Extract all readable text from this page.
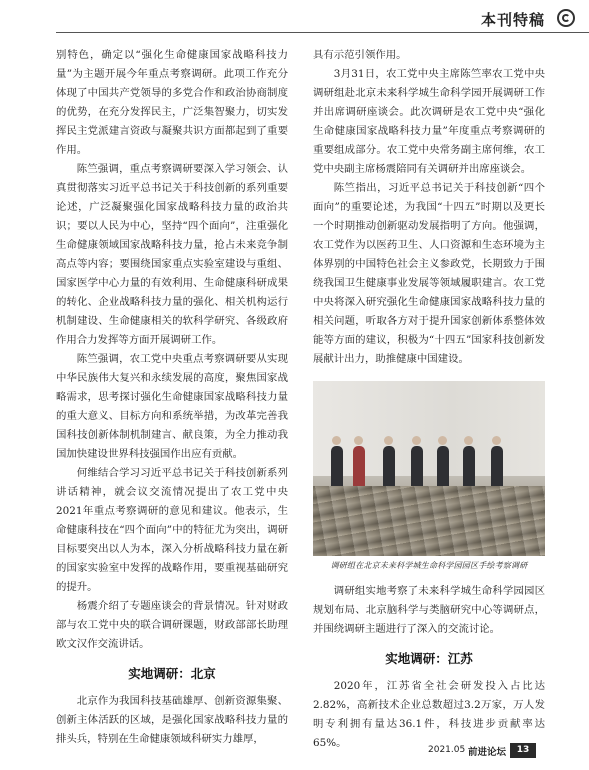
本刊特稿

别特色，确定以“强化生命健康国家战略科技力量”为主题开展今年重点考察调研。此项工作充分体现了中国共产党领导的多党合作和政治协商制度的优势，在充分发挥民主，广泛集智聚力，切实发挥民主党派建言资政与凝聚共识方面都起到了重要作用。

陈竺强调，重点考察调研要深入学习领会、认真贯彻落实习近平总书记关于科技创新的系列重要论述，广泛凝聚强化国家战略科技力量的政治共识；要以人民为中心，坚持“四个面向”，注重强化生命健康领域国家战略科技力量，抢占未来竞争制高点等内容；要围绕国家重点实验室建设与重组、国家医学中心力量的有效利用、生命健康科研成果的转化、企业战略科技力量的强化、相关机构运行机制建设、生命健康相关的软科学研究、各级政府作用合力发挥等方面开展调研工作。

陈竺强调，农工党中央重点考察调研要从实现中华民族伟大复兴和永续发展的高度，聚焦国家战略需求，思考探讨强化生命健康国家战略科技力量的重大意义、目标方向和系统举措，为改革完善我国科技创新体制机制建言、献良策，为全力推动我国加快建设世界科技强国作出应有贡献。

何维结合学习习近平总书记关于科技创新系列讲话精神，就会议交流情况提出了农工党中央2021年重点考察调研的意见和建议。他表示，生命健康科技在“四个面向”中的特征尤为突出，调研目标要突出以人为本，深入分析战略科技力量在新的国家实验室中发挥的战略作用，要重视基础研究的提升。

杨震介绍了专题座谈会的背景情况。针对财政部与农工党中央的联合调研课题，财政部部长助理欧文汉作交流讲话。

实地调研：北京

北京作为我国科技基础雄厚、创新资源集聚、创新主体活跃的区域，是强化国家战略科技力量的排头兵，特别在生命健康领域科研实力雄厚，

具有示范引领作用。

3月31日，农工党中央主席陈竺率农工党中央调研组赴北京未来科学城生命科学园开展调研工作并出席调研座谈会。此次调研是农工党中央“强化生命健康国家战略科技力量”年度重点考察调研的重要组成部分。农工党中央常务副主席何维，农工党中央副主席杨震陪同有关调研并出席座谈会。

陈竺指出，习近平总书记关于科技创新“四个面向”的重要论述，为我国“十四五”时期以及更长一个时期推动创新驱动发展指明了方向。他强调，农工党作为以医药卫生、人口资源和生态环境为主体界别的中国特色社会主义参政党，长期致力于围绕我国卫生健康事业发展等领域履职建言。农工党中央将深入研究强化生命健康国家战略科技力量的相关问题，听取各方对于提升国家创新体系整体效能等方面的建议，积极为“十四五”国家科技创新发展献计出力，助推健康中国建设。

调研组在北京未来科学城生命科学园园区手绘考察调研

调研组实地考察了未来科学城生命科学园园区规划布局、北京脑科学与类脑研究中心等调研点，并围绕调研主题进行了深入的交流讨论。

实地调研：江苏

2020年，江苏省全社会研发投入占比达2.82%，高新技术企业总数超过3.2万家，万人发明专利拥有量达36.1件，科技进步贡献率达65%。

2021.05 前进论坛	13
